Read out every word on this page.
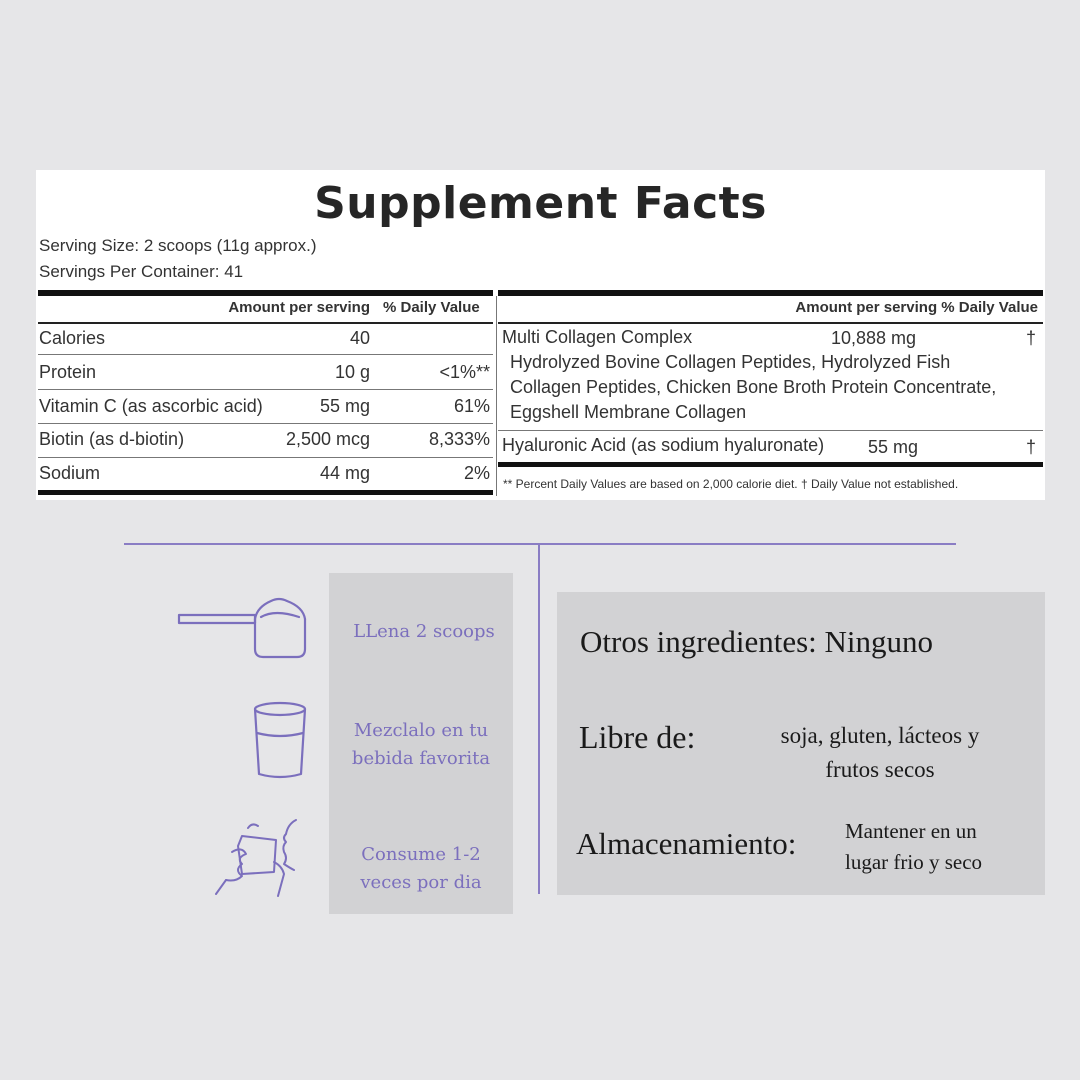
Supplement Facts
Serving Size: 2 scoops (11g approx.)
Servings Per Container: 41
Amount per serving % Daily Value
Calories	40
Protein	10 g	<1%**
Vitamin C (as ascorbic acid)	55 mg	61%
Biotin (as d-biotin)	2,500 mcg	8,333%
Sodium	44 mg	2%
Amount per serving % Daily Value
Multi Collagen Complex	10,888 mg	†
Hydrolyzed Bovine Collagen Peptides, Hydrolyzed Fish
Collagen Peptides, Chicken Bone Broth Protein Concentrate,
Eggshell Membrane Collagen
Hyaluronic Acid (as sodium hyaluronate) 55 mg	†
** Percent Daily Values are based on 2,000 calorie diet. † Daily Value not established.
LLena 2 scoops
Mezclalo en tu
bebida favorita
Consume 1-2
veces por dia
Otros ingredientes: Ninguno
Libre de:	soja, gluten, lácteos y
frutos secos
Almacenamiento: Mantener en un
lugar frio y seco
